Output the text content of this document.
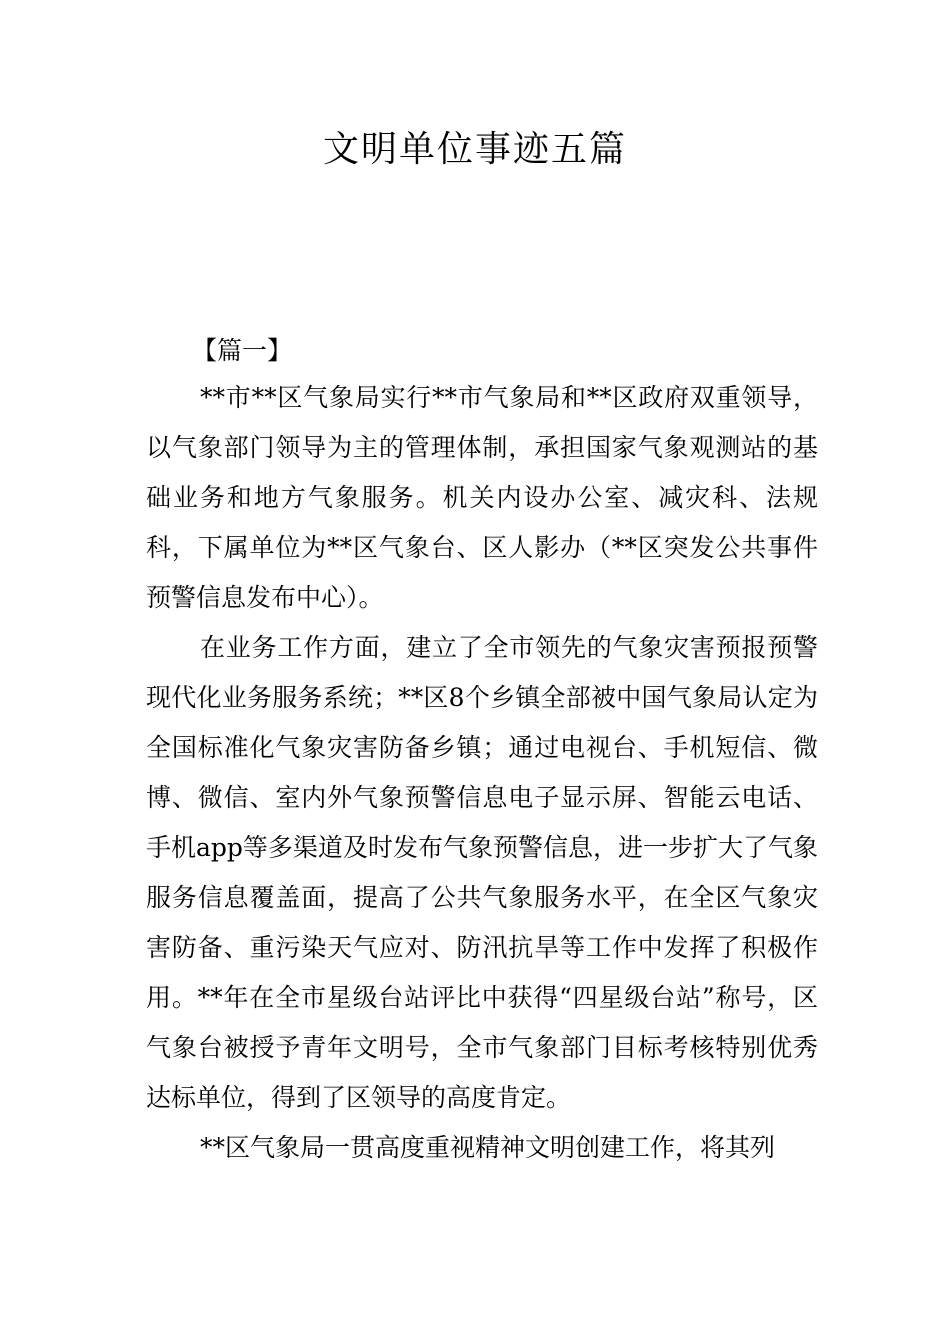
文明单位事迹五篇

【篇一】

**市**区气象局实行**市气象局和**区政府双重领导，以气象部门领导为主的管理体制，承担国家气象观测站的基础业务和地方气象服务。机关内设办公室、减灾科、法规科，下属单位为**区气象台、区人影办（**区突发公共事件预警信息发布中心）。

在业务工作方面，建立了全市领先的气象灾害预报预警现代化业务服务系统；**区8个乡镇全部被中国气象局认定为全国标准化气象灾害防备乡镇；通过电视台、手机短信、微博、微信、室内外气象预警信息电子显示屏、智能云电话、手机app等多渠道及时发布气象预警信息，进一步扩大了气象服务信息覆盖面，提高了公共气象服务水平，在全区气象灾害防备、重污染天气应对、防汛抗旱等工作中发挥了积极作用。**年在全市星级台站评比中获得“四星级台站”称号，区气象台被授予青年文明号，全市气象部门目标考核特别优秀达标单位，得到了区领导的高度肯定。

**区气象局一贯高度重视精神文明创建工作，将其列
